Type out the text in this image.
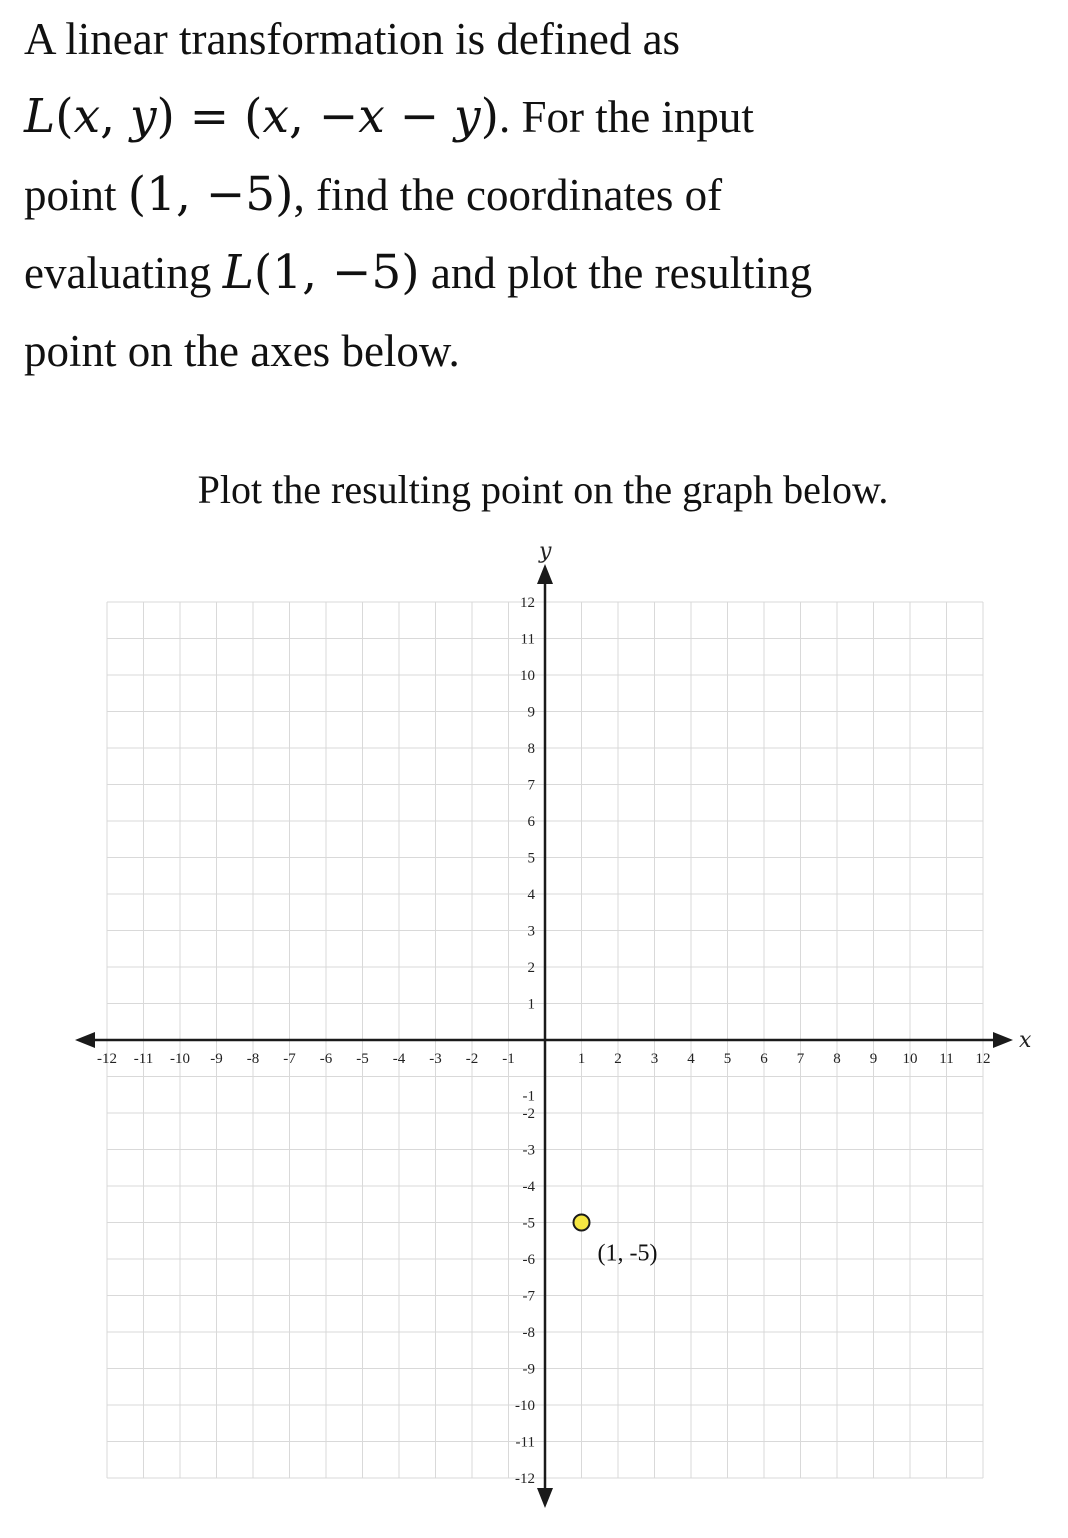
A linear transformation is defined as
L(x, y) = (x, −x − y). For the input
point (1, −5), find the coordinates of
evaluating L(1, −5) and plot the resulting
point on the axes below.

Plot the resulting point on the graph below.

x
y
-12 -11 -10 -9 -8 -7 -6 -5 -4 -3 -2 -1	1 2 3 4 5 6 7 8 9 10 11 12
12
11
10
9
8
7
6
5
4
3
2
1
-1
-2
-3
-4
-5
-6
-7
-8
-9
-10
-11
-12
(1, -5)
